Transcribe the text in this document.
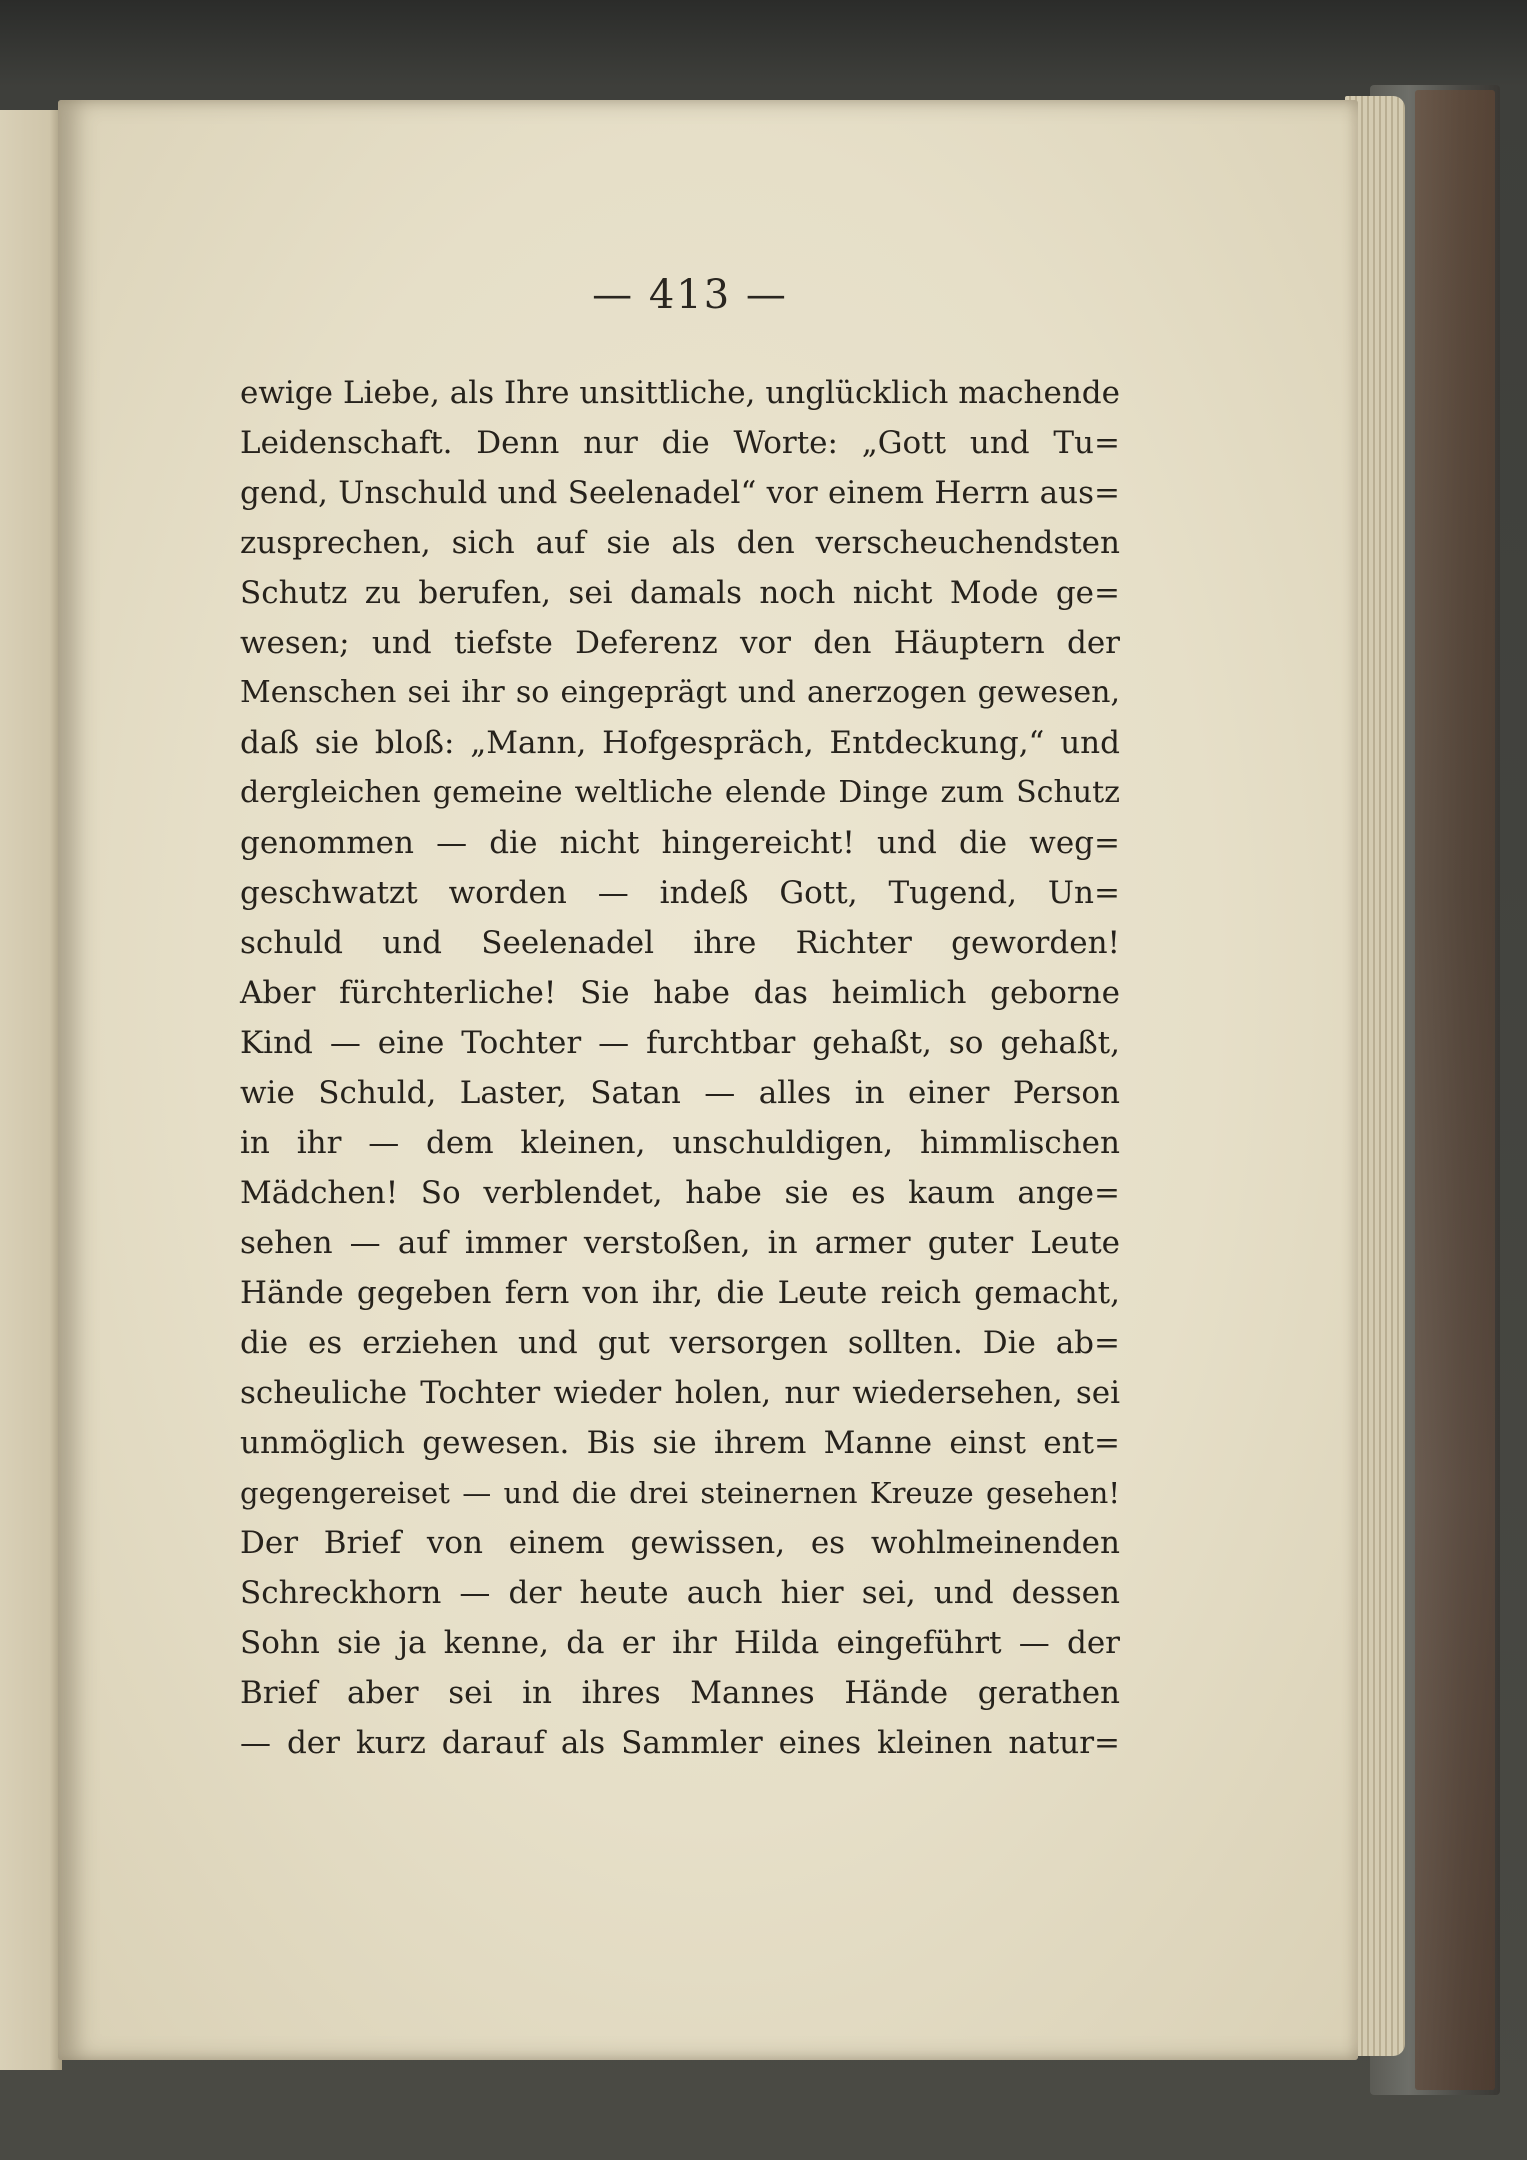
— 413 —
ewige Liebe, als Ihre unsittliche, unglücklich machende
Leidenschaft. Denn nur die Worte: „Gott und Tu=
gend, Unschuld und Seelenadel“ vor einem Herrn aus=
zusprechen, sich auf sie als den verscheuchendsten
Schutz zu berufen, sei damals noch nicht Mode ge=
wesen; und tiefste Deferenz vor den Häuptern der
Menschen sei ihr so eingeprägt und anerzogen gewesen,
daß sie bloß: „Mann, Hofgespräch, Entdeckung,“ und
dergleichen gemeine weltliche elende Dinge zum Schutz
genommen — die nicht hingereicht! und die weg=
geschwatzt worden — indeß Gott, Tugend, Un=
schuld und Seelenadel ihre Richter geworden!
Aber fürchterliche! Sie habe das heimlich geborne
Kind — eine Tochter — furchtbar gehaßt, so gehaßt,
wie Schuld, Laster, Satan — alles in einer Person
in ihr — dem kleinen, unschuldigen, himmlischen
Mädchen! So verblendet, habe sie es kaum ange=
sehen — auf immer verstoßen, in armer guter Leute
Hände gegeben fern von ihr, die Leute reich gemacht,
die es erziehen und gut versorgen sollten. Die ab=
scheuliche Tochter wieder holen, nur wiedersehen, sei
unmöglich gewesen. Bis sie ihrem Manne einst ent=
gegengereiset — und die drei steinernen Kreuze gesehen!
Der Brief von einem gewissen, es wohlmeinenden
Schreckhorn — der heute auch hier sei, und dessen
Sohn sie ja kenne, da er ihr Hilda eingeführt — der
Brief aber sei in ihres Mannes Hände gerathen
— der kurz darauf als Sammler eines kleinen natur=
